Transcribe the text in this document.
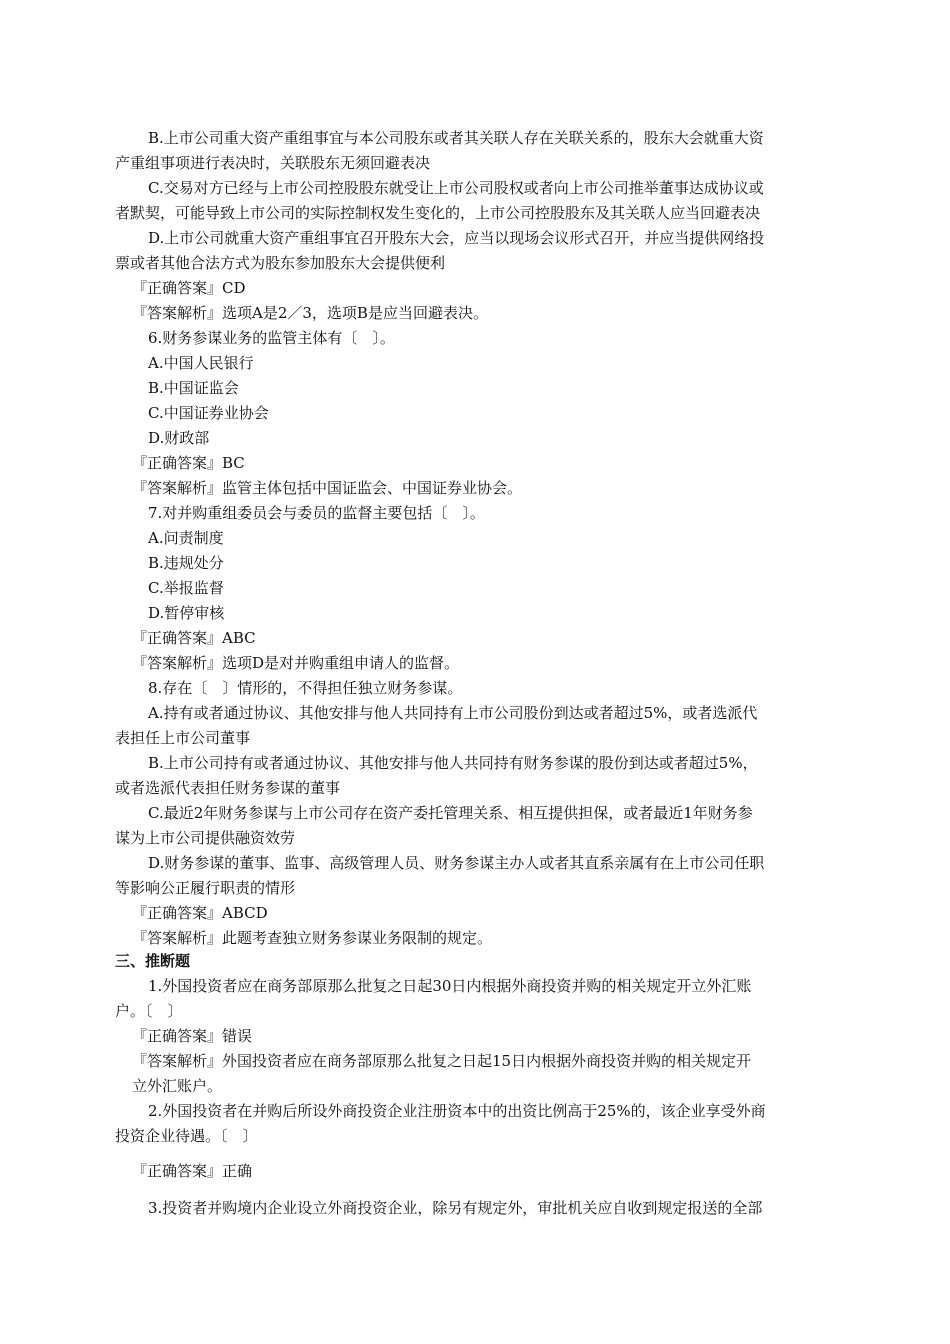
B.上市公司重大资产重组事宜与本公司股东或者其关联人存在关联关系的，股东大会就重大资
产重组事项进行表决时，关联股东无须回避表决
C.交易对方已经与上市公司控股股东就受让上市公司股权或者向上市公司推举董事达成协议或
者默契，可能导致上市公司的实际控制权发生变化的，上市公司控股股东及其关联人应当回避表决
D.上市公司就重大资产重组事宜召开股东大会，应当以现场会议形式召开，并应当提供网络投
票或者其他合法方式为股东参加股东大会提供便利
『正确答案』CD
『答案解析』选项A是2／3，选项B是应当回避表决。
6.财务参谋业务的监管主体有〔　〕。
A.中国人民银行
B.中国证监会
C.中国证券业协会
D.财政部
『正确答案』BC
『答案解析』监管主体包括中国证监会、中国证券业协会。
7.对并购重组委员会与委员的监督主要包括〔　〕。
A.问责制度
B.违规处分
C.举报监督
D.暂停审核
『正确答案』ABC
『答案解析』选项D是对并购重组申请人的监督。
8.存在〔　〕情形的，不得担任独立财务参谋。
A.持有或者通过协议、其他安排与他人共同持有上市公司股份到达或者超过5%，或者选派代
表担任上市公司董事
B.上市公司持有或者通过协议、其他安排与他人共同持有财务参谋的股份到达或者超过5%，
或者选派代表担任财务参谋的董事
C.最近2年财务参谋与上市公司存在资产委托管理关系、相互提供担保，或者最近1年财务参
谋为上市公司提供融资效劳
D.财务参谋的董事、监事、高级管理人员、财务参谋主办人或者其直系亲属有在上市公司任职
等影响公正履行职责的情形
『正确答案』ABCD
『答案解析』此题考查独立财务参谋业务限制的规定。
三、推断题
1.外国投资者应在商务部原那么批复之日起30日内根据外商投资并购的相关规定开立外汇账
户。〔　〕
『正确答案』错误
『答案解析』外国投资者应在商务部原那么批复之日起15日内根据外商投资并购的相关规定开
立外汇账户。
2.外国投资者在并购后所设外商投资企业注册资本中的出资比例高于25%的，该企业享受外商
投资企业待遇。〔　〕
『正确答案』正确
3.投资者并购境内企业设立外商投资企业，除另有规定外，审批机关应自收到规定报送的全部
